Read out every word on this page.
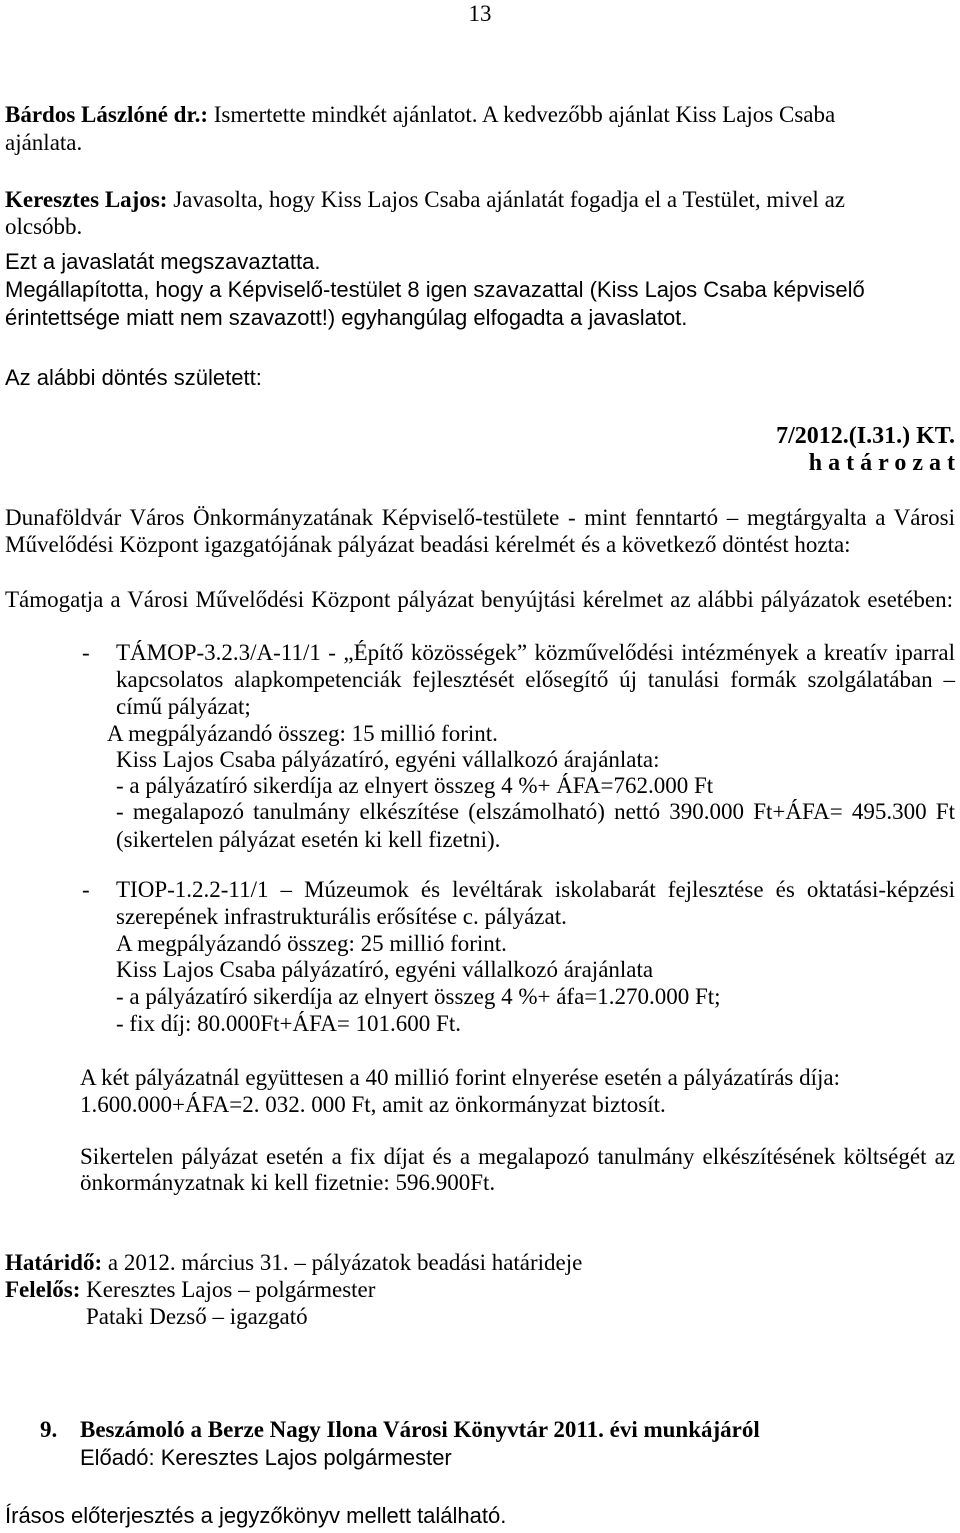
13
Bárdos Lászlóné dr.: Ismertette mindkét ajánlatot. A kedvezőbb ajánlat Kiss Lajos Csaba
ajánlata.
Keresztes Lajos: Javasolta, hogy Kiss Lajos Csaba ajánlatát fogadja el a Testület, mivel az
olcsóbb.
Ezt a javaslatát megszavaztatta.
Megállapította, hogy a Képviselő-testület 8 igen szavazattal (Kiss Lajos Csaba képviselő
érintettsége miatt nem szavazott!) egyhangúlag elfogadta a javaslatot.
Az alábbi döntés született:
7/2012.(I.31.) KT.
h a t á r o z a t
Dunaföldvár Város Önkormányzatának Képviselő-testülete - mint fenntartó – megtárgyalta a Városi
Művelődési Központ igazgatójának pályázat beadási kérelmét és a következő döntést hozta:
Támogatja a Városi Művelődési Központ pályázat benyújtási kérelmet az alábbi pályázatok esetében:
- TÁMOP-3.2.3/A-11/1 - „Építő közösségek” közművelődési intézmények a kreatív iparral
kapcsolatos alapkompetenciák fejlesztését elősegítő új tanulási formák szolgálatában –
című pályázat;
A megpályázandó összeg: 15 millió forint.
Kiss Lajos Csaba pályázatíró, egyéni vállalkozó árajánlata:
- a pályázatíró sikerdíja az elnyert összeg 4 %+ ÁFA=762.000 Ft
- megalapozó tanulmány elkészítése (elszámolható) nettó 390.000 Ft+ÁFA= 495.300 Ft
(sikertelen pályázat esetén ki kell fizetni).
- TIOP-1.2.2-11/1 – Múzeumok és levéltárak iskolabarát fejlesztése és oktatási-képzési
szerepének infrastrukturális erősítése c. pályázat.
A megpályázandó összeg: 25 millió forint.
Kiss Lajos Csaba pályázatíró, egyéni vállalkozó árajánlata
- a pályázatíró sikerdíja az elnyert összeg 4 %+ áfa=1.270.000 Ft;
- fix díj: 80.000Ft+ÁFA= 101.600 Ft.
A két pályázatnál együttesen a 40 millió forint elnyerése esetén a pályázatírás díja:
1.600.000+ÁFA=2. 032. 000 Ft, amit az önkormányzat biztosít.
Sikertelen pályázat esetén a fix díjat és a megalapozó tanulmány elkészítésének költségét az
önkormányzatnak ki kell fizetnie: 596.900Ft.
Határidő: a 2012. március 31. – pályázatok beadási határideje
Felelős: Keresztes Lajos – polgármester
Pataki Dezső – igazgató
9. Beszámoló a Berze Nagy Ilona Városi Könyvtár 2011. évi munkájáról
Előadó: Keresztes Lajos polgármester
Írásos előterjesztés a jegyzőkönyv mellett található.
